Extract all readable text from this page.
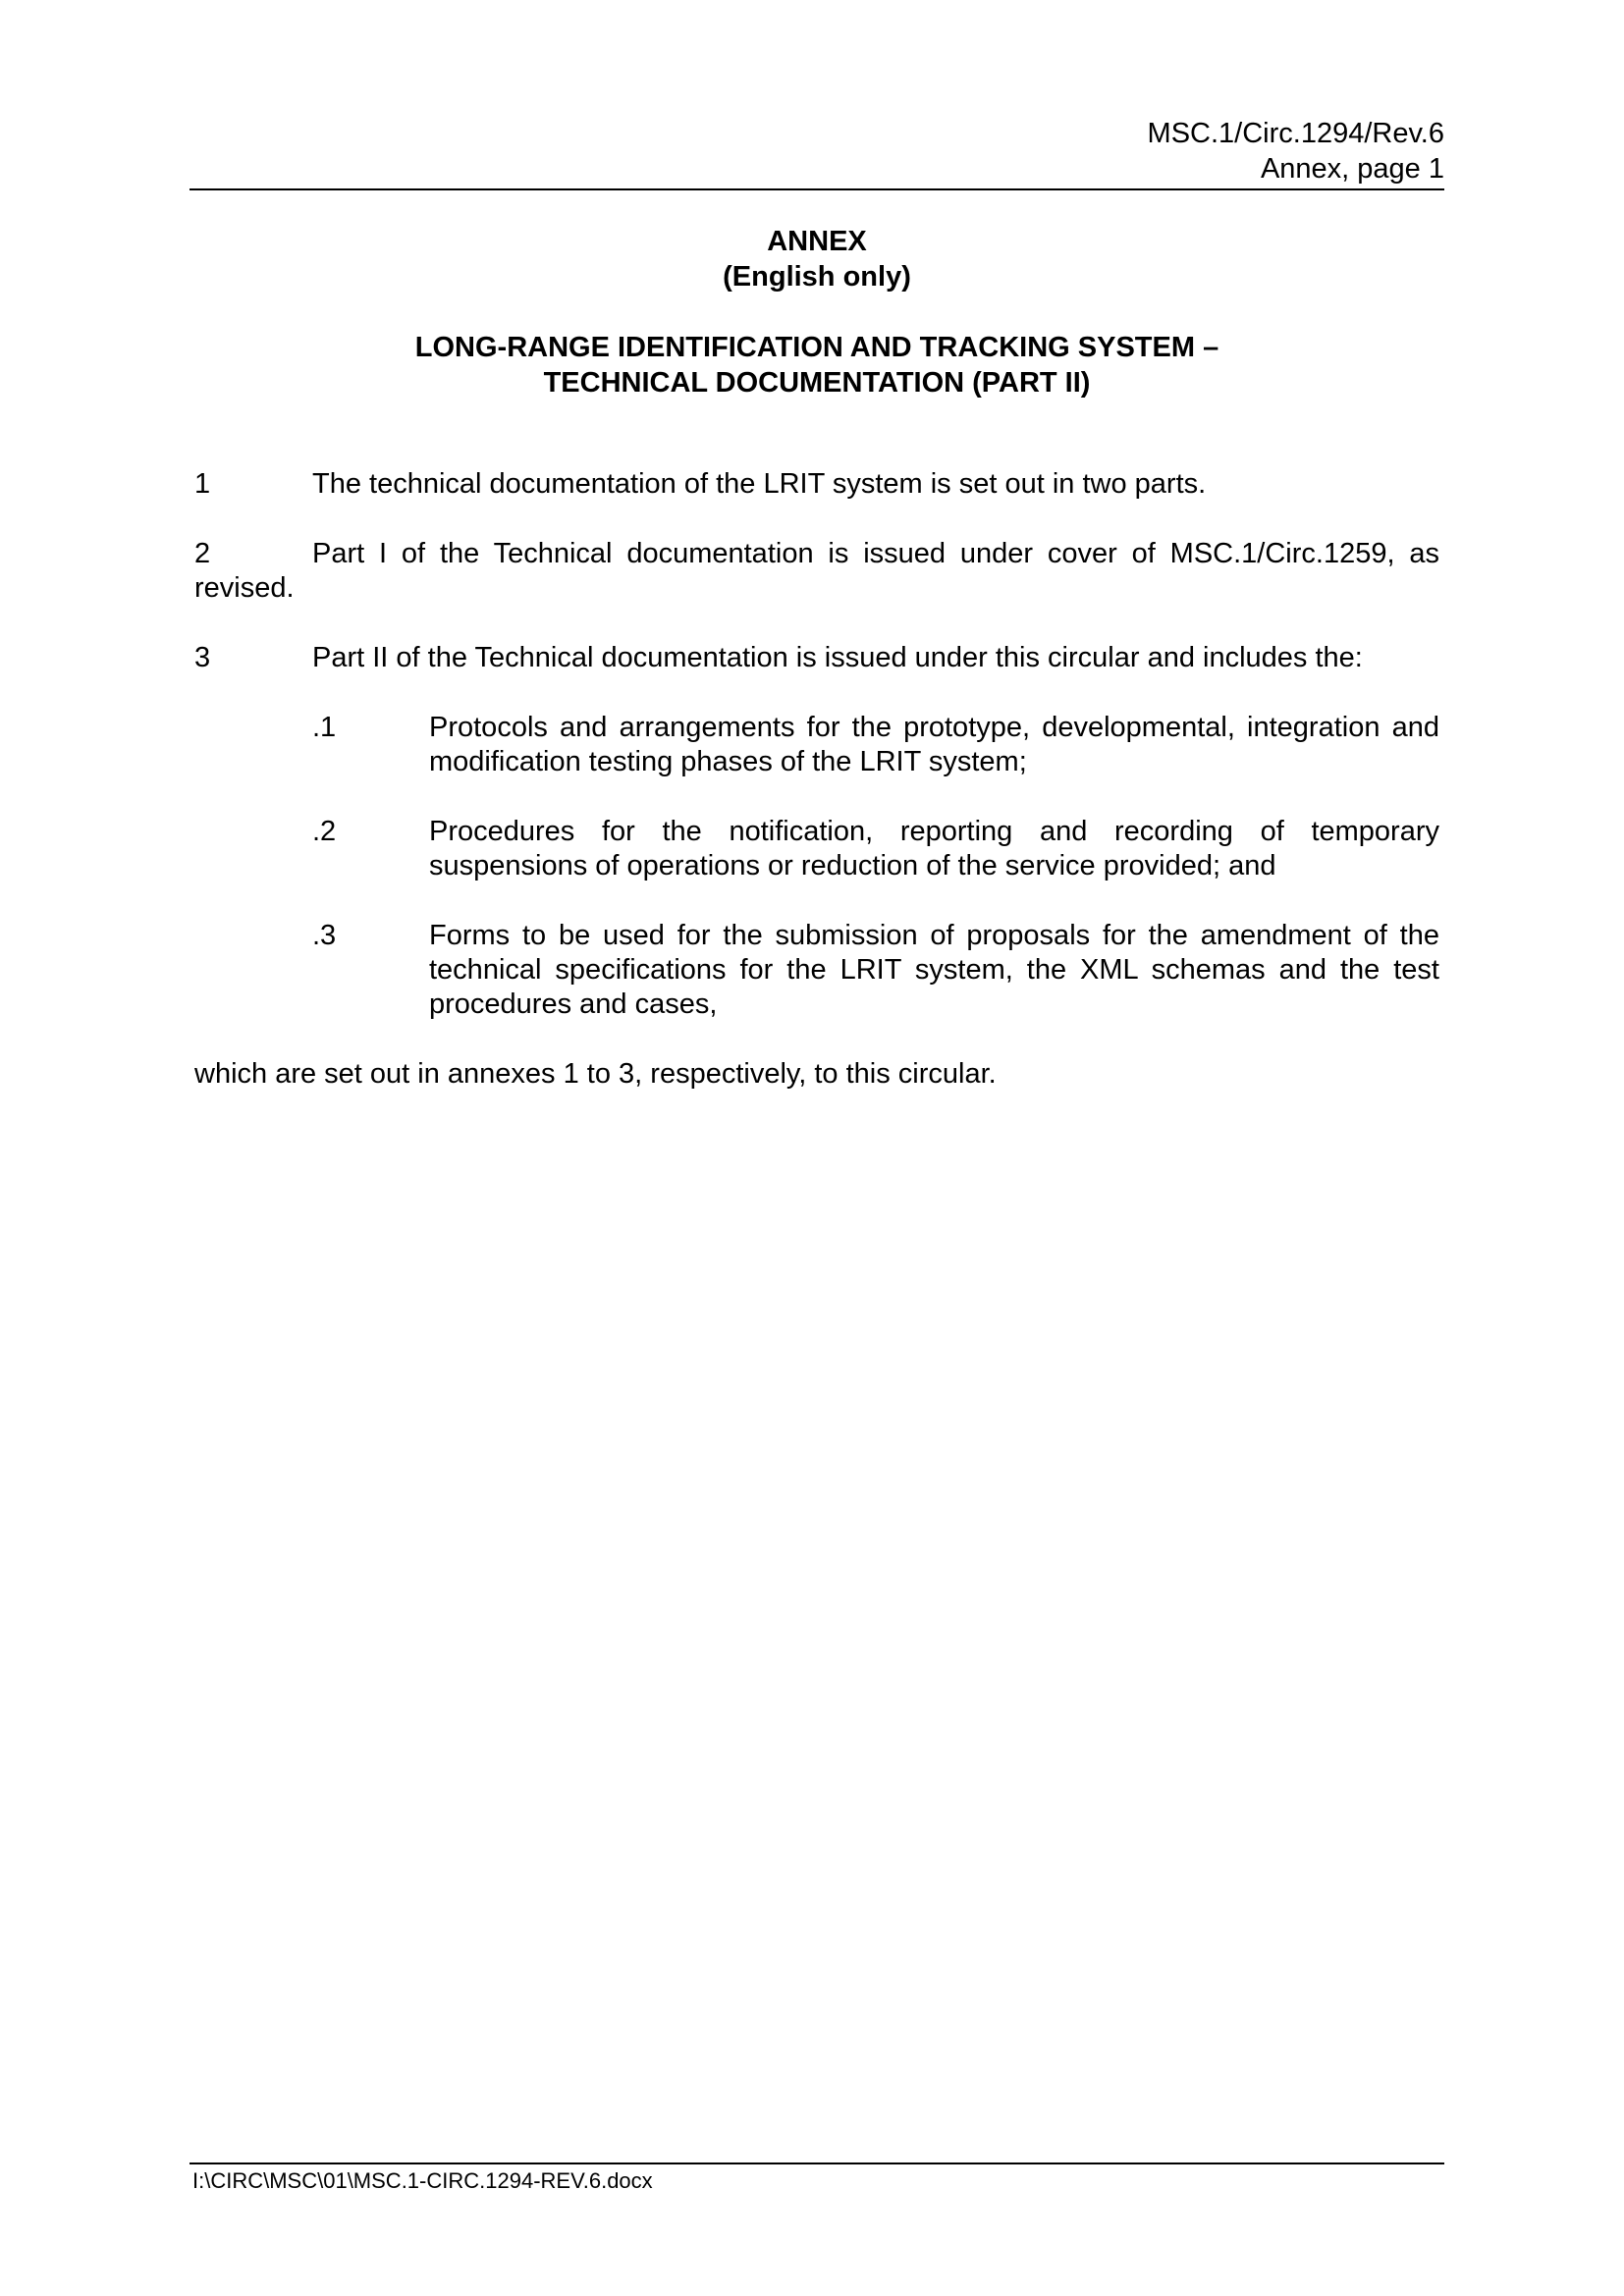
MSC.1/Circ.1294/Rev.6
Annex, page 1
ANNEX
(English only)
LONG-RANGE IDENTIFICATION AND TRACKING SYSTEM –
TECHNICAL DOCUMENTATION (PART II)
1	The technical documentation of the LRIT system is set out in two parts.
2	Part I of the Technical documentation is issued under cover of MSC.1/Circ.1259, as revised.
3	Part II of the Technical documentation is issued under this circular and includes the:
.1	Protocols and arrangements for the prototype, developmental, integration and modification testing phases of the LRIT system;
.2	Procedures for the notification, reporting and recording of temporary suspensions of operations or reduction of the service provided; and
.3	Forms to be used for the submission of proposals for the amendment of the technical specifications for the LRIT system, the XML schemas and the test procedures and cases,
which are set out in annexes 1 to 3, respectively, to this circular.
I:\CIRC\MSC\01\MSC.1-CIRC.1294-REV.6.docx
